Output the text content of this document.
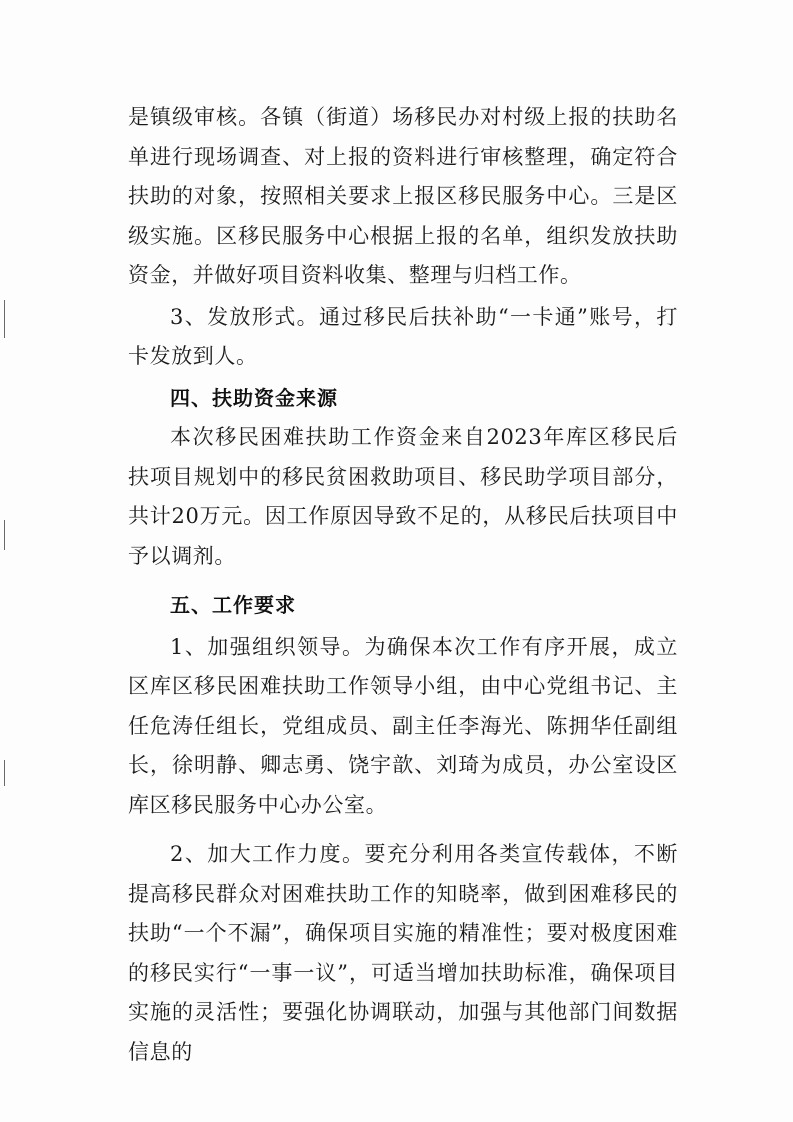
是镇级审核。各镇（街道）场移民办对村级上报的扶助名单进行现场调查、对上报的资料进行审核整理，确定符合扶助的对象，按照相关要求上报区移民服务中心。三是区级实施。区移民服务中心根据上报的名单，组织发放扶助资金，并做好项目资料收集、整理与归档工作。

3、发放形式。通过移民后扶补助“一卡通”账号，打卡发放到人。

四、扶助资金来源

本次移民困难扶助工作资金来自2023年库区移民后扶项目规划中的移民贫困救助项目、移民助学项目部分，共计20万元。因工作原因导致不足的，从移民后扶项目中予以调剂。

五、工作要求

1、加强组织领导。为确保本次工作有序开展，成立区库区移民困难扶助工作领导小组，由中心党组书记、主任危涛任组长，党组成员、副主任李海光、陈拥华任副组长，徐明静、卿志勇、饶宇歆、刘琦为成员，办公室设区库区移民服务中心办公室。

2、加大工作力度。要充分利用各类宣传载体，不断提高移民群众对困难扶助工作的知晓率，做到困难移民的扶助“一个不漏”，确保项目实施的精准性；要对极度困难的移民实行“一事一议”，可适当增加扶助标准，确保项目实施的灵活性；要强化协调联动，加强与其他部门间数据信息的
